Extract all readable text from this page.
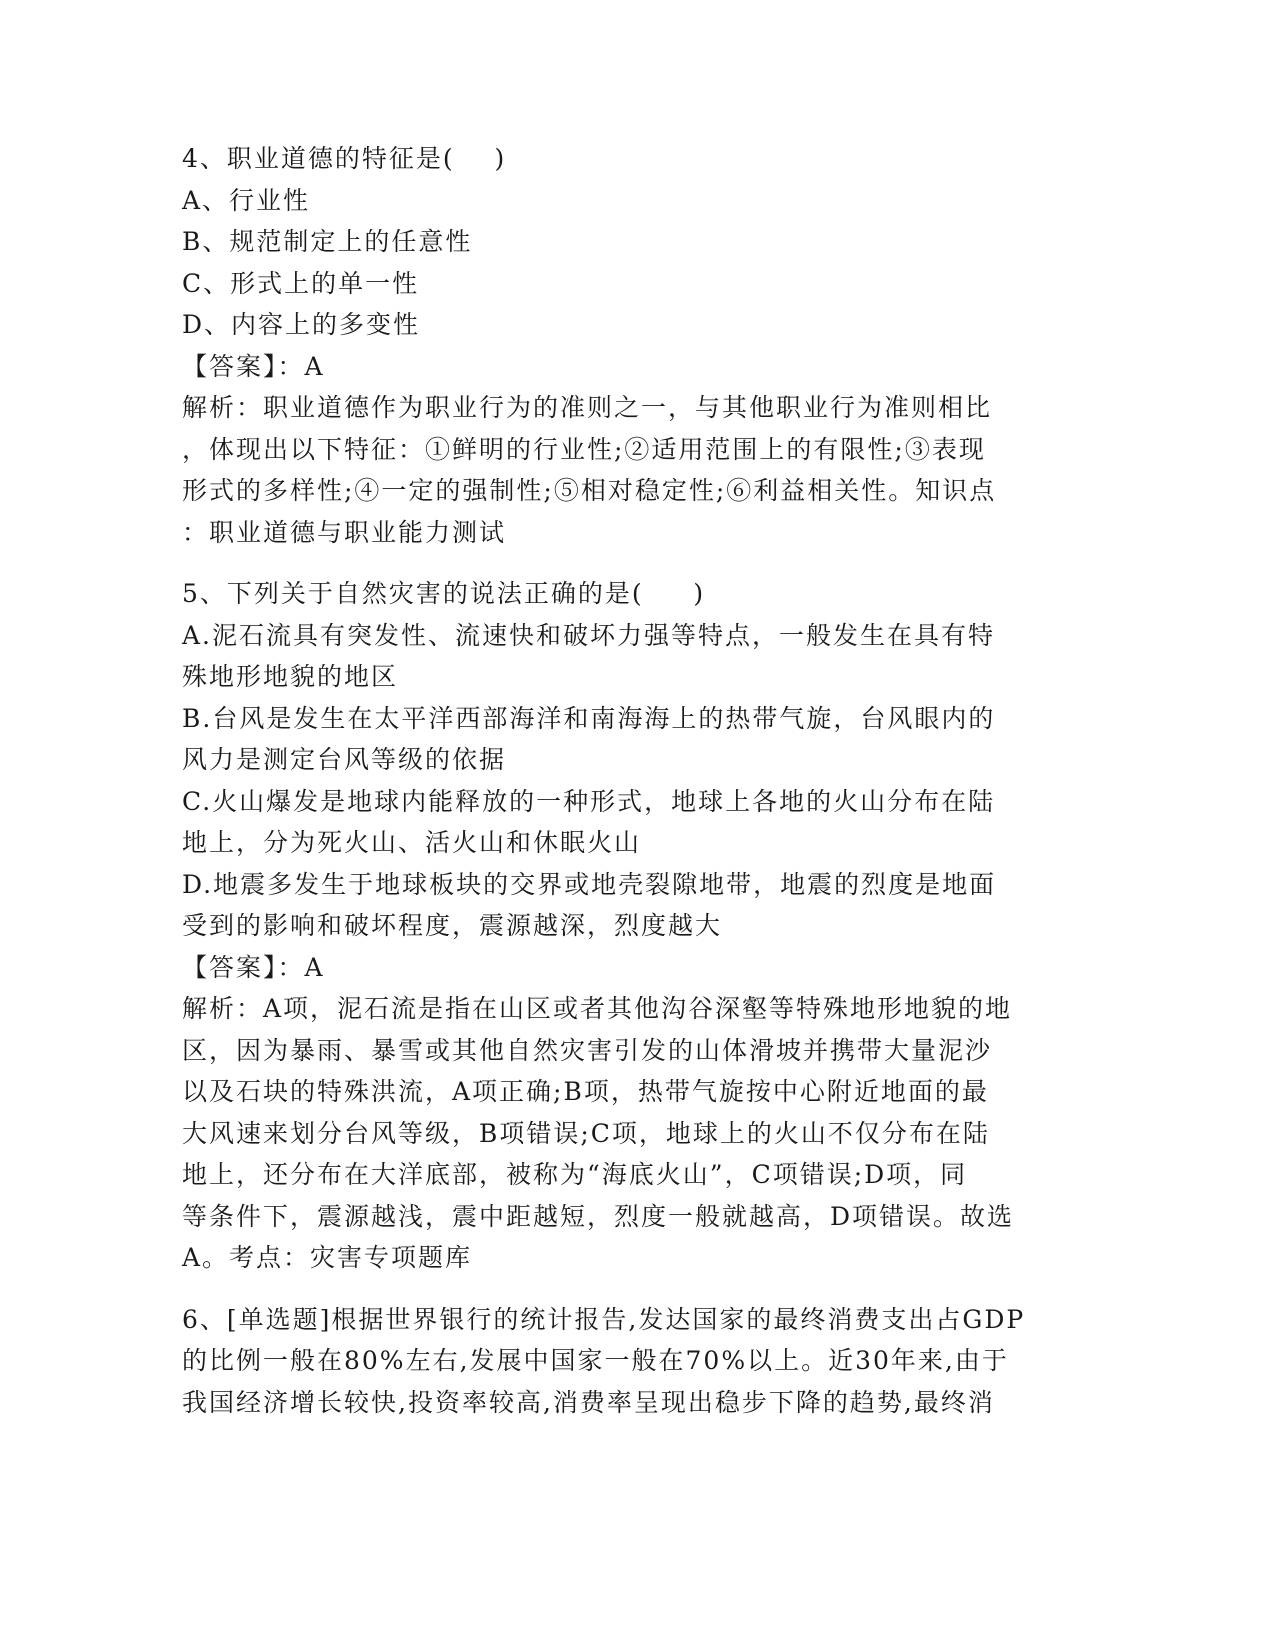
4、职业道德的特征是(    )
A、行业性
B、规范制定上的任意性
C、形式上的单一性
D、内容上的多变性
【答案】：A
解析：职业道德作为职业行为的准则之一，与其他职业行为准则相比
，体现出以下特征：①鲜明的行业性;②适用范围上的有限性;③表现
形式的多样性;④一定的强制性;⑤相对稳定性;⑥利益相关性。知识点
：职业道德与职业能力测试
5、下列关于自然灾害的说法正确的是(     )
A.泥石流具有突发性、流速快和破坏力强等特点，一般发生在具有特
殊地形地貌的地区
B.台风是发生在太平洋西部海洋和南海海上的热带气旋，台风眼内的
风力是测定台风等级的依据
C.火山爆发是地球内能释放的一种形式，地球上各地的火山分布在陆
地上，分为死火山、活火山和休眠火山
D.地震多发生于地球板块的交界或地壳裂隙地带，地震的烈度是地面
受到的影响和破坏程度，震源越深，烈度越大
【答案】：A
解析：A项，泥石流是指在山区或者其他沟谷深壑等特殊地形地貌的地
区，因为暴雨、暴雪或其他自然灾害引发的山体滑坡并携带大量泥沙
以及石块的特殊洪流，A项正确;B项，热带气旋按中心附近地面的最
大风速来划分台风等级，B项错误;C项，地球上的火山不仅分布在陆
地上，还分布在大洋底部，被称为“海底火山”，C项错误;D项，同
等条件下，震源越浅，震中距越短，烈度一般就越高，D项错误。故选
A。考点：灾害专项题库
6、[单选题]根据世界银行的统计报告,发达国家的最终消费支出占GDP
的比例一般在80%左右,发展中国家一般在70%以上。近30年来,由于
我国经济增长较快,投资率较高,消费率呈现出稳步下降的趋势,最终消
